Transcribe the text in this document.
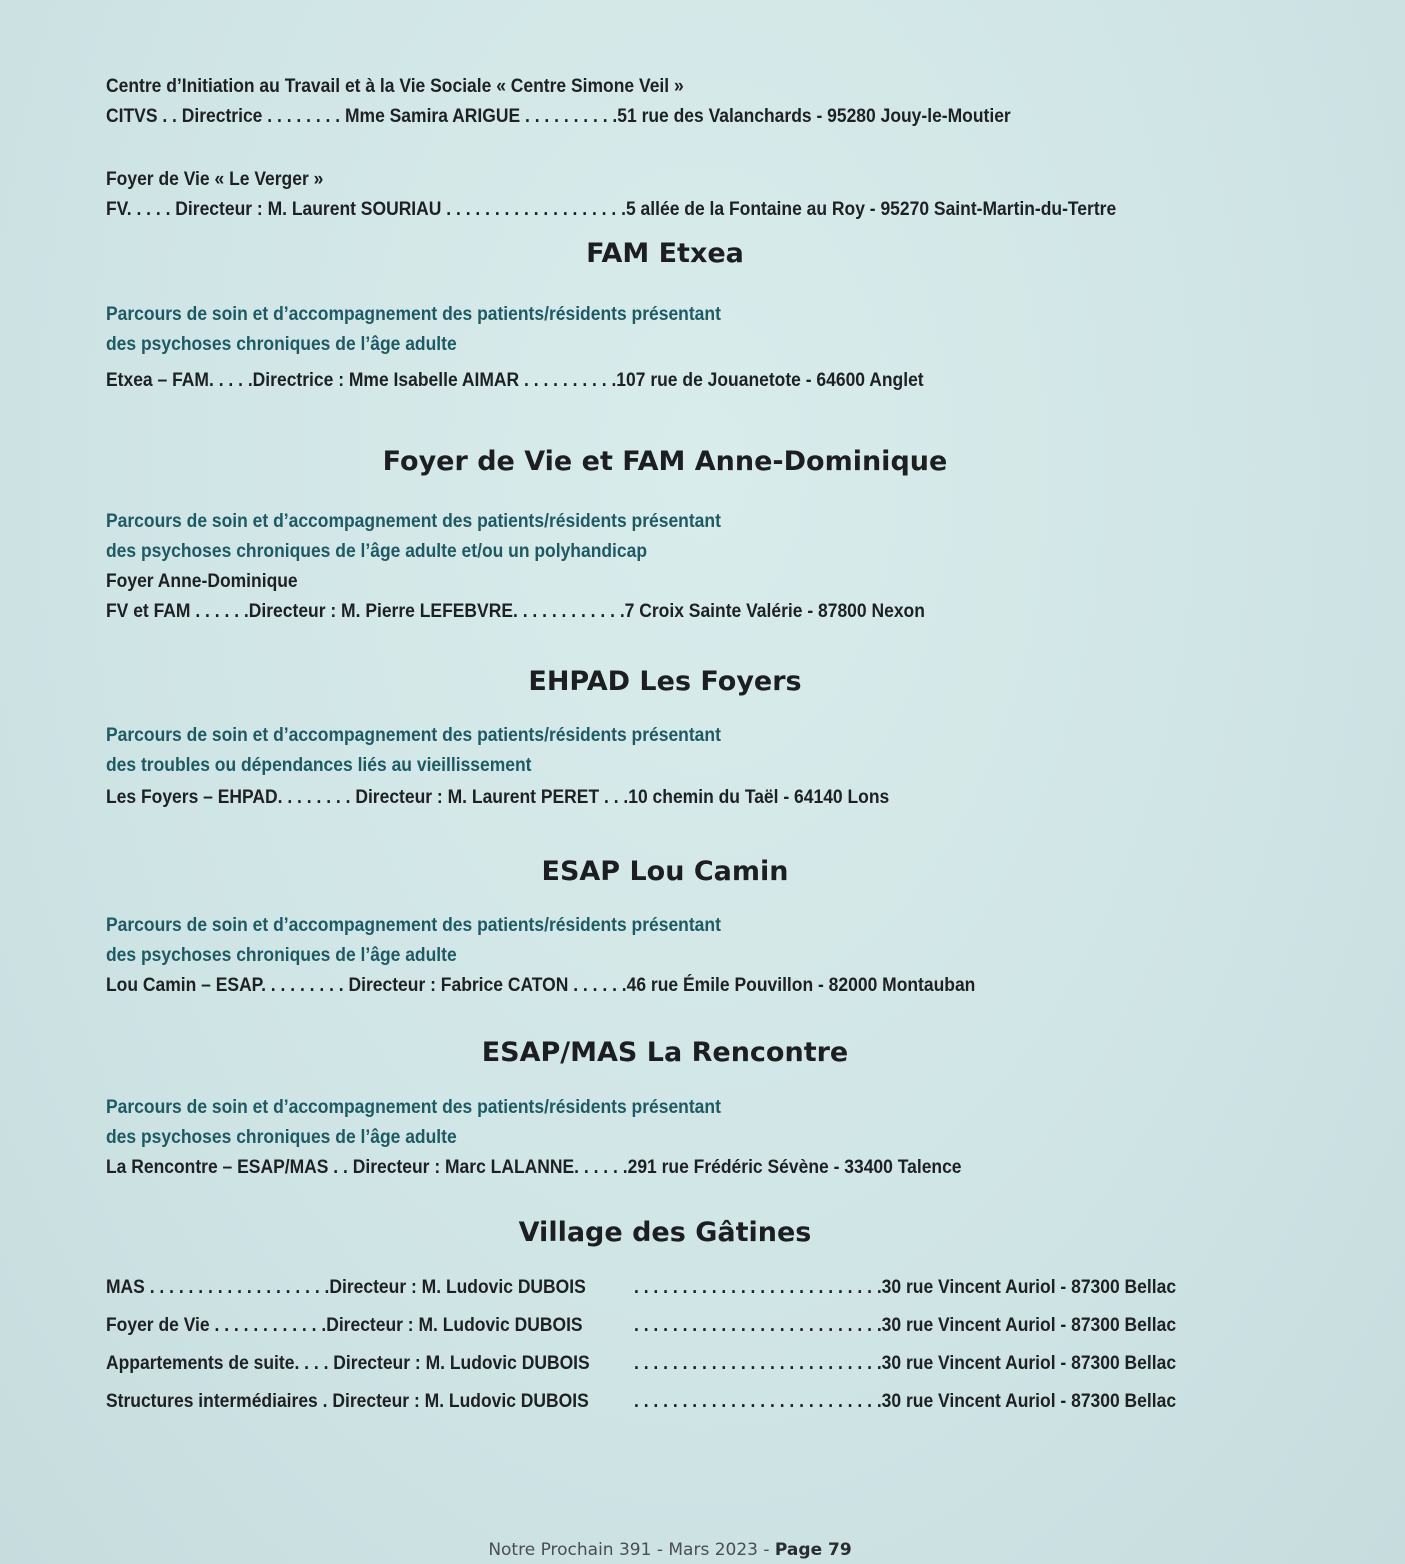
Centre d’Initiation au Travail et à la Vie Sociale « Centre Simone Veil »
CITVS . . Directrice . . . . . . . . Mme Samira ARIGUE . . . . . . . . . .51 rue des Valanchards - 95280 Jouy-le-Moutier
Foyer de Vie « Le Verger »
FV. . . . . Directeur : M. Laurent SOURIAU . . . . . . . . . . . . . . . . . . .5 allée de la Fontaine au Roy - 95270 Saint-Martin-du-Tertre
FAM Etxea
Parcours de soin et d’accompagnement des patients/résidents présentant
des psychoses chroniques de l’âge adulte
Etxea – FAM. . . . .Directrice : Mme Isabelle AIMAR . . . . . . . . . .107 rue de Jouanetote - 64600 Anglet
Foyer de Vie et FAM Anne-Dominique
Parcours de soin et d’accompagnement des patients/résidents présentant
des psychoses chroniques de l’âge adulte et/ou un polyhandicap
Foyer Anne-Dominique
FV et FAM . . . . . .Directeur : M. Pierre LEFEBVRE. . . . . . . . . . . .7 Croix Sainte Valérie - 87800 Nexon
EHPAD Les Foyers
Parcours de soin et d’accompagnement des patients/résidents présentant
des troubles ou dépendances liés au vieillissement
Les Foyers – EHPAD. . . . . . . . Directeur : M. Laurent PERET . . .10 chemin du Taël - 64140 Lons
ESAP Lou Camin
Parcours de soin et d’accompagnement des patients/résidents présentant
des psychoses chroniques de l’âge adulte
Lou Camin – ESAP. . . . . . . . . Directeur : Fabrice CATON . . . . . .46 rue Émile Pouvillon - 82000 Montauban
ESAP/MAS La Rencontre
Parcours de soin et d’accompagnement des patients/résidents présentant
des psychoses chroniques de l’âge adulte
La Rencontre – ESAP/MAS . . Directeur : Marc LALANNE. . . . . .291 rue Frédéric Sévène - 33400 Talence
Village des Gâtines
MAS . . . . . . . . . . . . . . . . . . .Directeur : M. Ludovic DUBOIS	. . . . . . . . . . . . . . . . . . . . . . . . . .30 rue Vincent Auriol - 87300 Bellac
Foyer de Vie . . . . . . . . . . . .Directeur : M. Ludovic DUBOIS	. . . . . . . . . . . . . . . . . . . . . . . . . .30 rue Vincent Auriol - 87300 Bellac
Appartements de suite. . . . Directeur : M. Ludovic DUBOIS . . . . . . . . . . . . . . . . . . . . . . . . . .30 rue Vincent Auriol - 87300 Bellac
Structures intermédiaires . Directeur : M. Ludovic DUBOIS . . . . . . . . . . . . . . . . . . . . . . . . . .30 rue Vincent Auriol - 87300 Bellac
Notre Prochain 391 - Mars 2023 - Page 79
